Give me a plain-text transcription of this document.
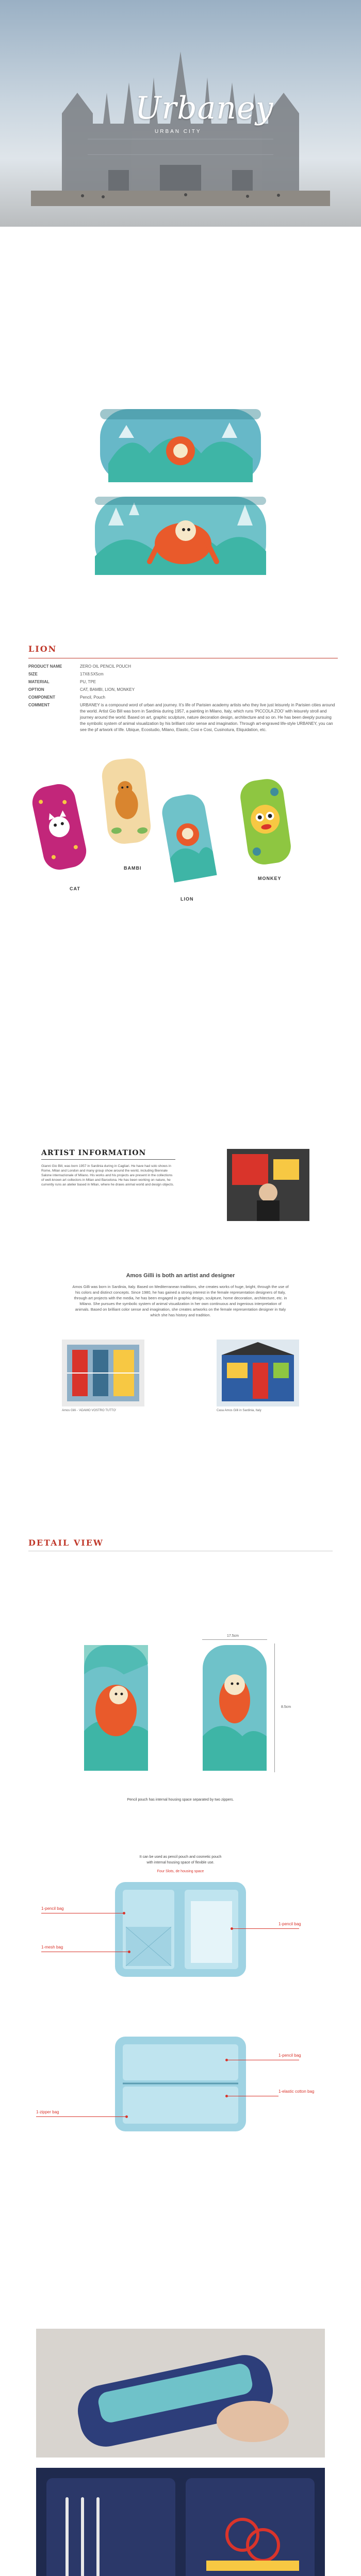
Urbaney
URBAN CITY
LION
PRODUCT NAME	ZERO OIL PENCIL POUCH
SIZE	17X8.5X5cm
MATERIAL	PU, TPE
OPTION	CAT, BAMBI, LION, MONKEY
COMPONENT	Pencil, Pouch
COMMENT	URBANEY is a compound word of urban and journey. It’s life of Parisien academy artists who they live just leisurely in Parisien cities around the world. Artist Gio Bill was born in Sardinia during 1957, a painting in Milano, Italy, which runs ‘PICCOLA ZOO’ with leisurely stroll and journey around the world. Based on art, graphic sculpture, nature decoration design, architecture and so on. He has been deeply pursuing the symbolic system of animal visualization by his brilliant color sense and imagination. Through art-engraved life-style URBANEY, you can see the pf artwork of life. Ubique, Ecostudio, Milano, Elastic, Cosi e Cosi, Cusinotura, Eliquidation, etc.
CAT
BAMBI
LION
MONKEY
ARTIST INFORMATION

Gianni Gio Bill, was born 1957 in Sardinia during in Cagliari. He have had solo shows in Rome, Milan and London and many group show around the world, including Biennale Salone internazionale of Milano. His works and his projects are present in the collections of well-known art collectors in Milan and Barcelona. He has been working on nature, he currently runs an atelier based in Milan, where he draws animal world and design objects.

Amos Gilli is both an artist and designer
Amos Gilli was born in Sardinia, Italy. Based on Mediterranean traditions, she creates works of huge, bright, through the use of his colors and distinct concepts. Since 1980, he has gained a strong interest in the female representation designers of Italy, through art projects with the media, he has been engaged in graphic design, sculpture, home decoration, architecture, etc. in Milano. She pursues the symbolic system of animal visualization in her own continuous and ingenious interpretation of animals. Based on brilliant color sense and imagination, she creates artworks on the female representation designer in Italy which she has history and tradition.
Amos Gilli - ‘ADAMO VOSTRO TUTTO’	Casa Amos Gilli in Sardinia, Italy
DETAIL VIEW
17.5cm
8.5cm
Pencil pouch has internal housing space separated by two zippers.
It can be used as pencil pouch and cosmetic pouch
with internal housing space of flexible use.
Four Slots, de housing space
1-pencil bag
1-mesh bag
1-pencil bag
1-pencil bag
1-elastic cotton bag
1-zipper bag
